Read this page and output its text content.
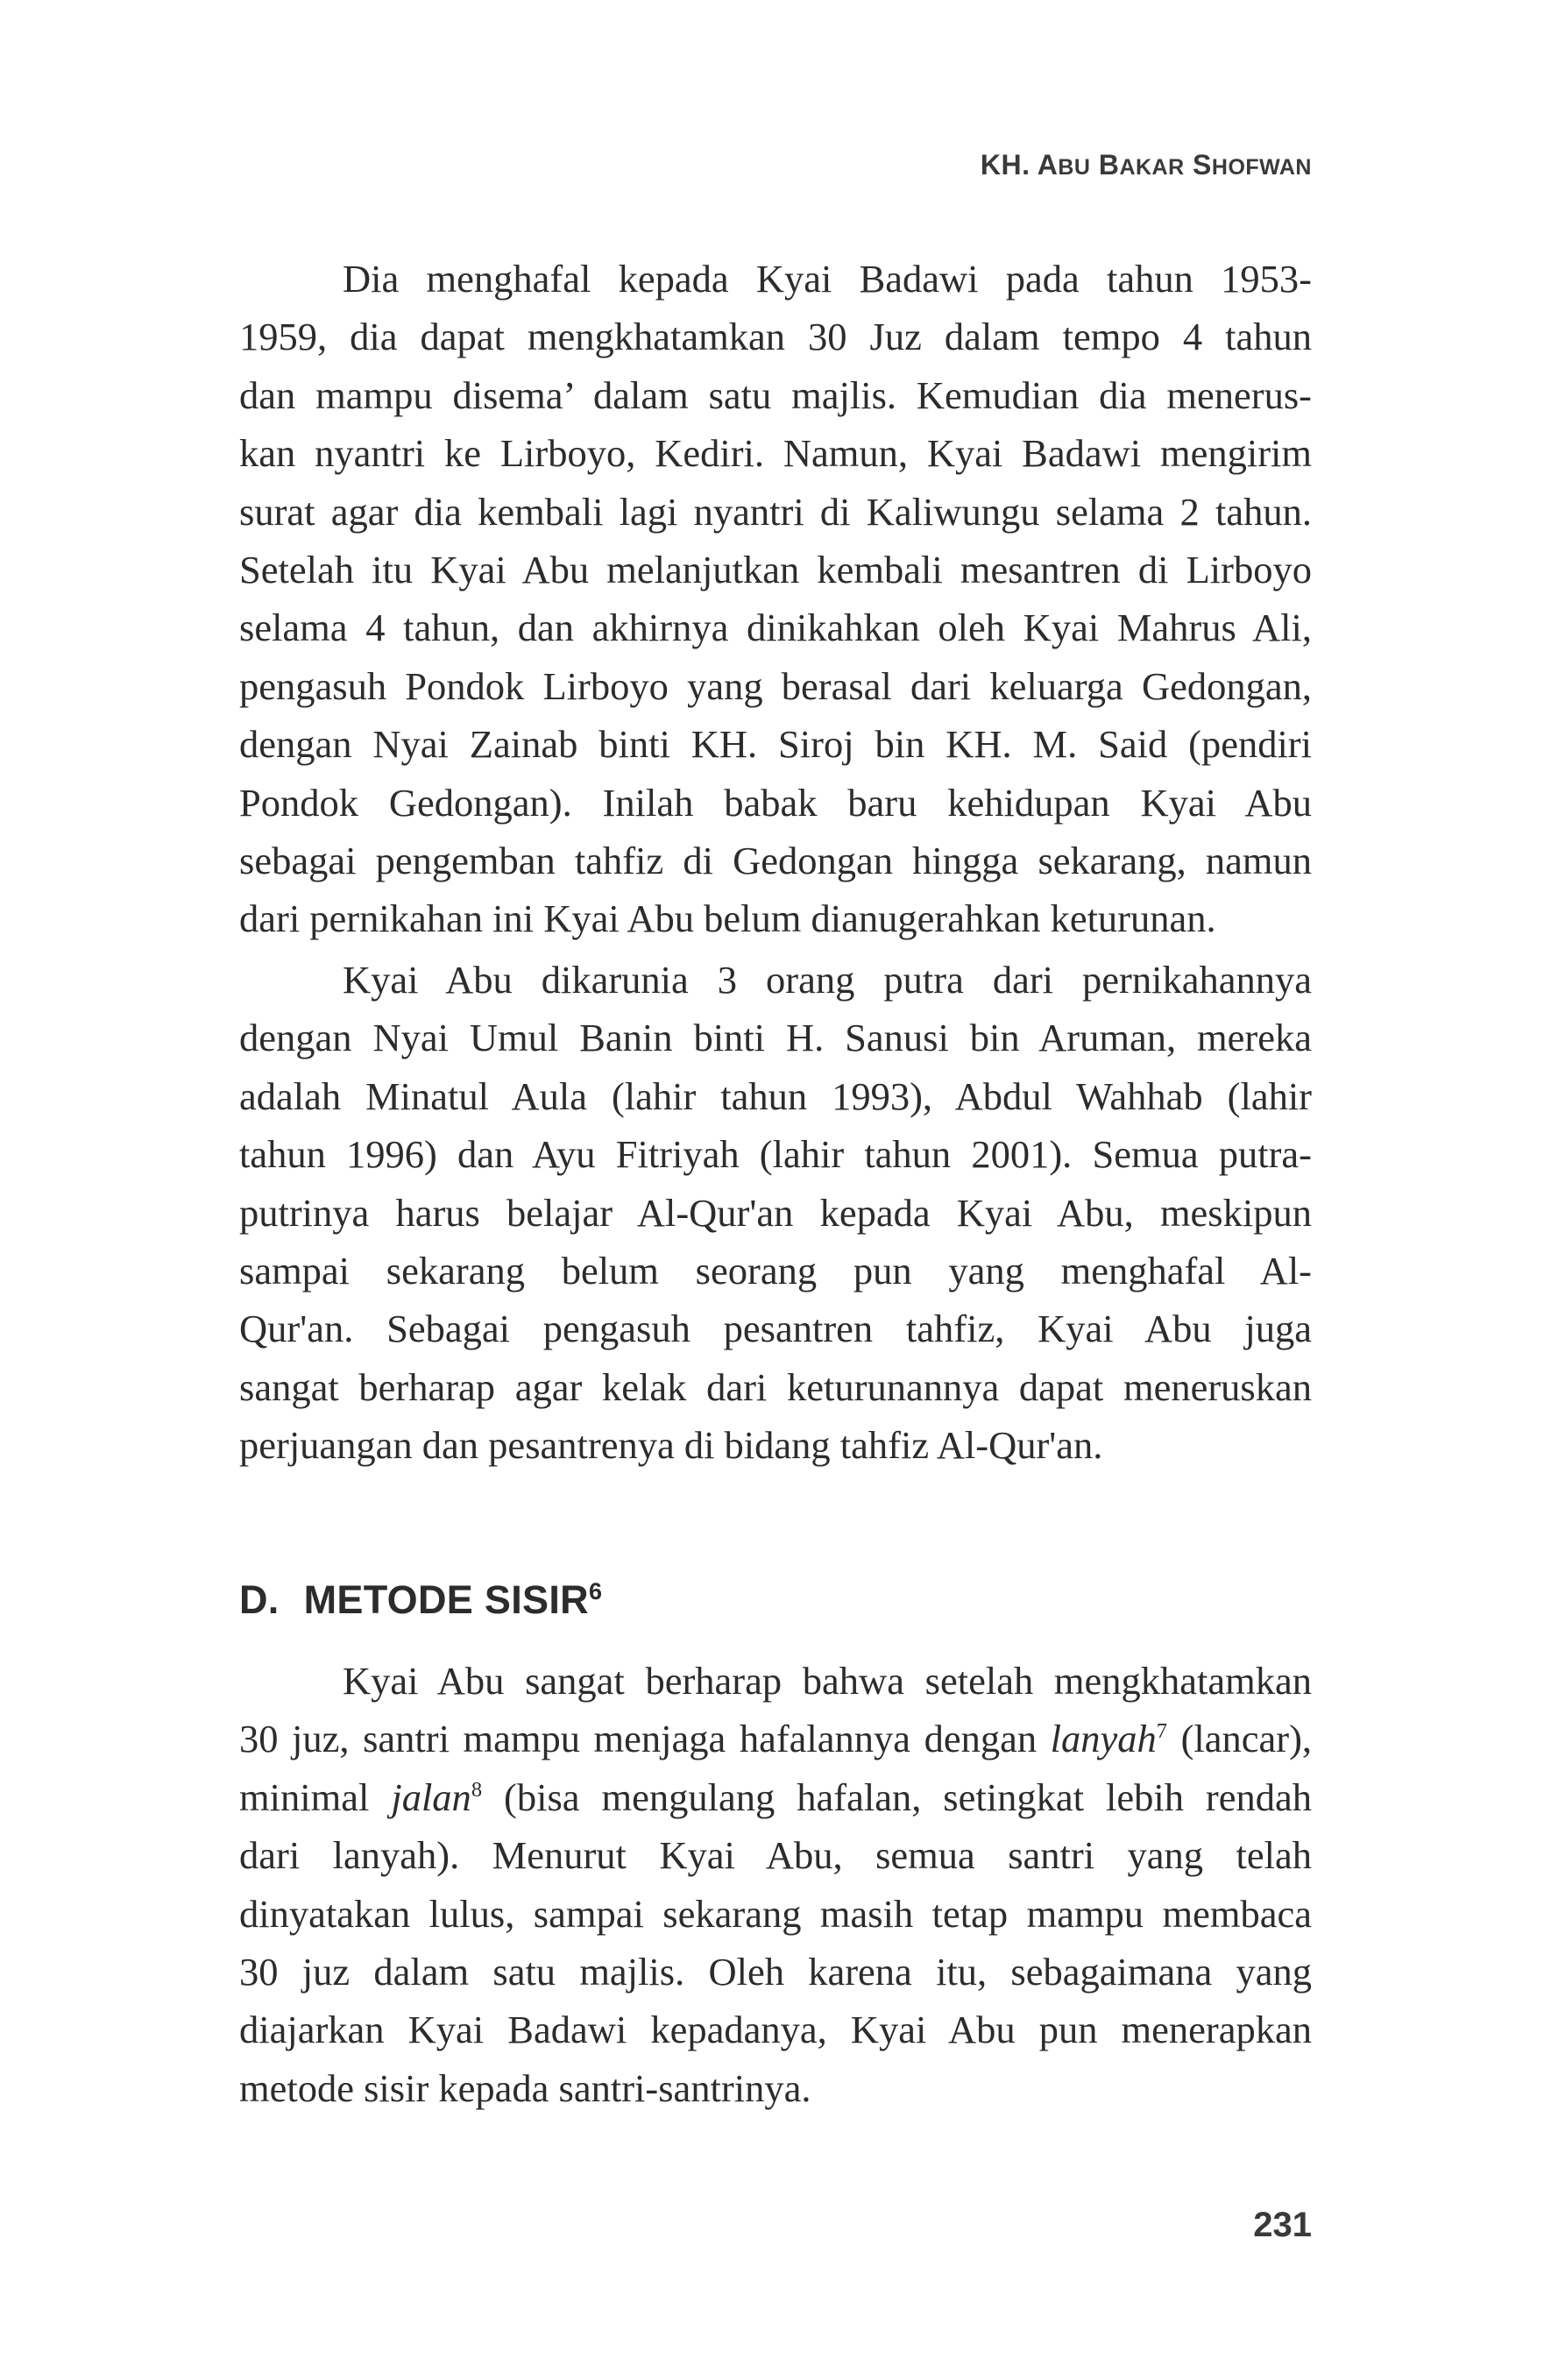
KH. ABU BAKAR SHOFWAN
Dia menghafal kepada Kyai Badawi pada tahun 1953-
1959, dia dapat mengkhatamkan 30 Juz dalam tempo 4 tahun
dan mampu disema’ dalam satu majlis. Kemudian dia menerus-
kan nyantri ke Lirboyo, Kediri. Namun, Kyai Badawi mengirim
surat agar dia kembali lagi nyantri di Kaliwungu selama 2 tahun.
Setelah itu Kyai Abu melanjutkan kembali mesantren di Lirboyo
selama 4 tahun, dan akhirnya dinikahkan oleh Kyai Mahrus Ali,
pengasuh Pondok Lirboyo yang berasal dari keluarga Gedongan,
dengan Nyai Zainab binti KH. Siroj bin KH. M. Said (pendiri
Pondok Gedongan). Inilah babak baru kehidupan Kyai Abu
sebagai pengemban tahfiz di Gedongan hingga sekarang, namun
dari pernikahan ini Kyai Abu belum dianugerahkan keturunan.
Kyai Abu dikarunia 3 orang putra dari pernikahannya
dengan Nyai Umul Banin binti H. Sanusi bin Aruman, mereka
adalah Minatul Aula (lahir tahun 1993), Abdul Wahhab (lahir
tahun 1996) dan Ayu Fitriyah (lahir tahun 2001). Semua putra-
putrinya harus belajar Al-Qur'an kepada Kyai Abu, meskipun
sampai sekarang belum seorang pun yang menghafal Al-
Qur'an. Sebagai pengasuh pesantren tahfiz, Kyai Abu juga
sangat berharap agar kelak dari keturunannya dapat meneruskan
perjuangan dan pesantrenya di bidang tahfiz Al-Qur'an.
D. METODE SISIR$^6$
Kyai Abu sangat berharap bahwa setelah mengkhatamkan
30 juz, santri mampu menjaga hafalannya dengan lanyah$^7$ (lancar),
minimal jalan$^8$ (bisa mengulang hafalan, setingkat lebih rendah
dari lanyah). Menurut Kyai Abu, semua santri yang telah
dinyatakan lulus, sampai sekarang masih tetap mampu membaca
30 juz dalam satu majlis. Oleh karena itu, sebagaimana yang
diajarkan Kyai Badawi kepadanya, Kyai Abu pun menerapkan
metode sisir kepada santri-santrinya.
231
